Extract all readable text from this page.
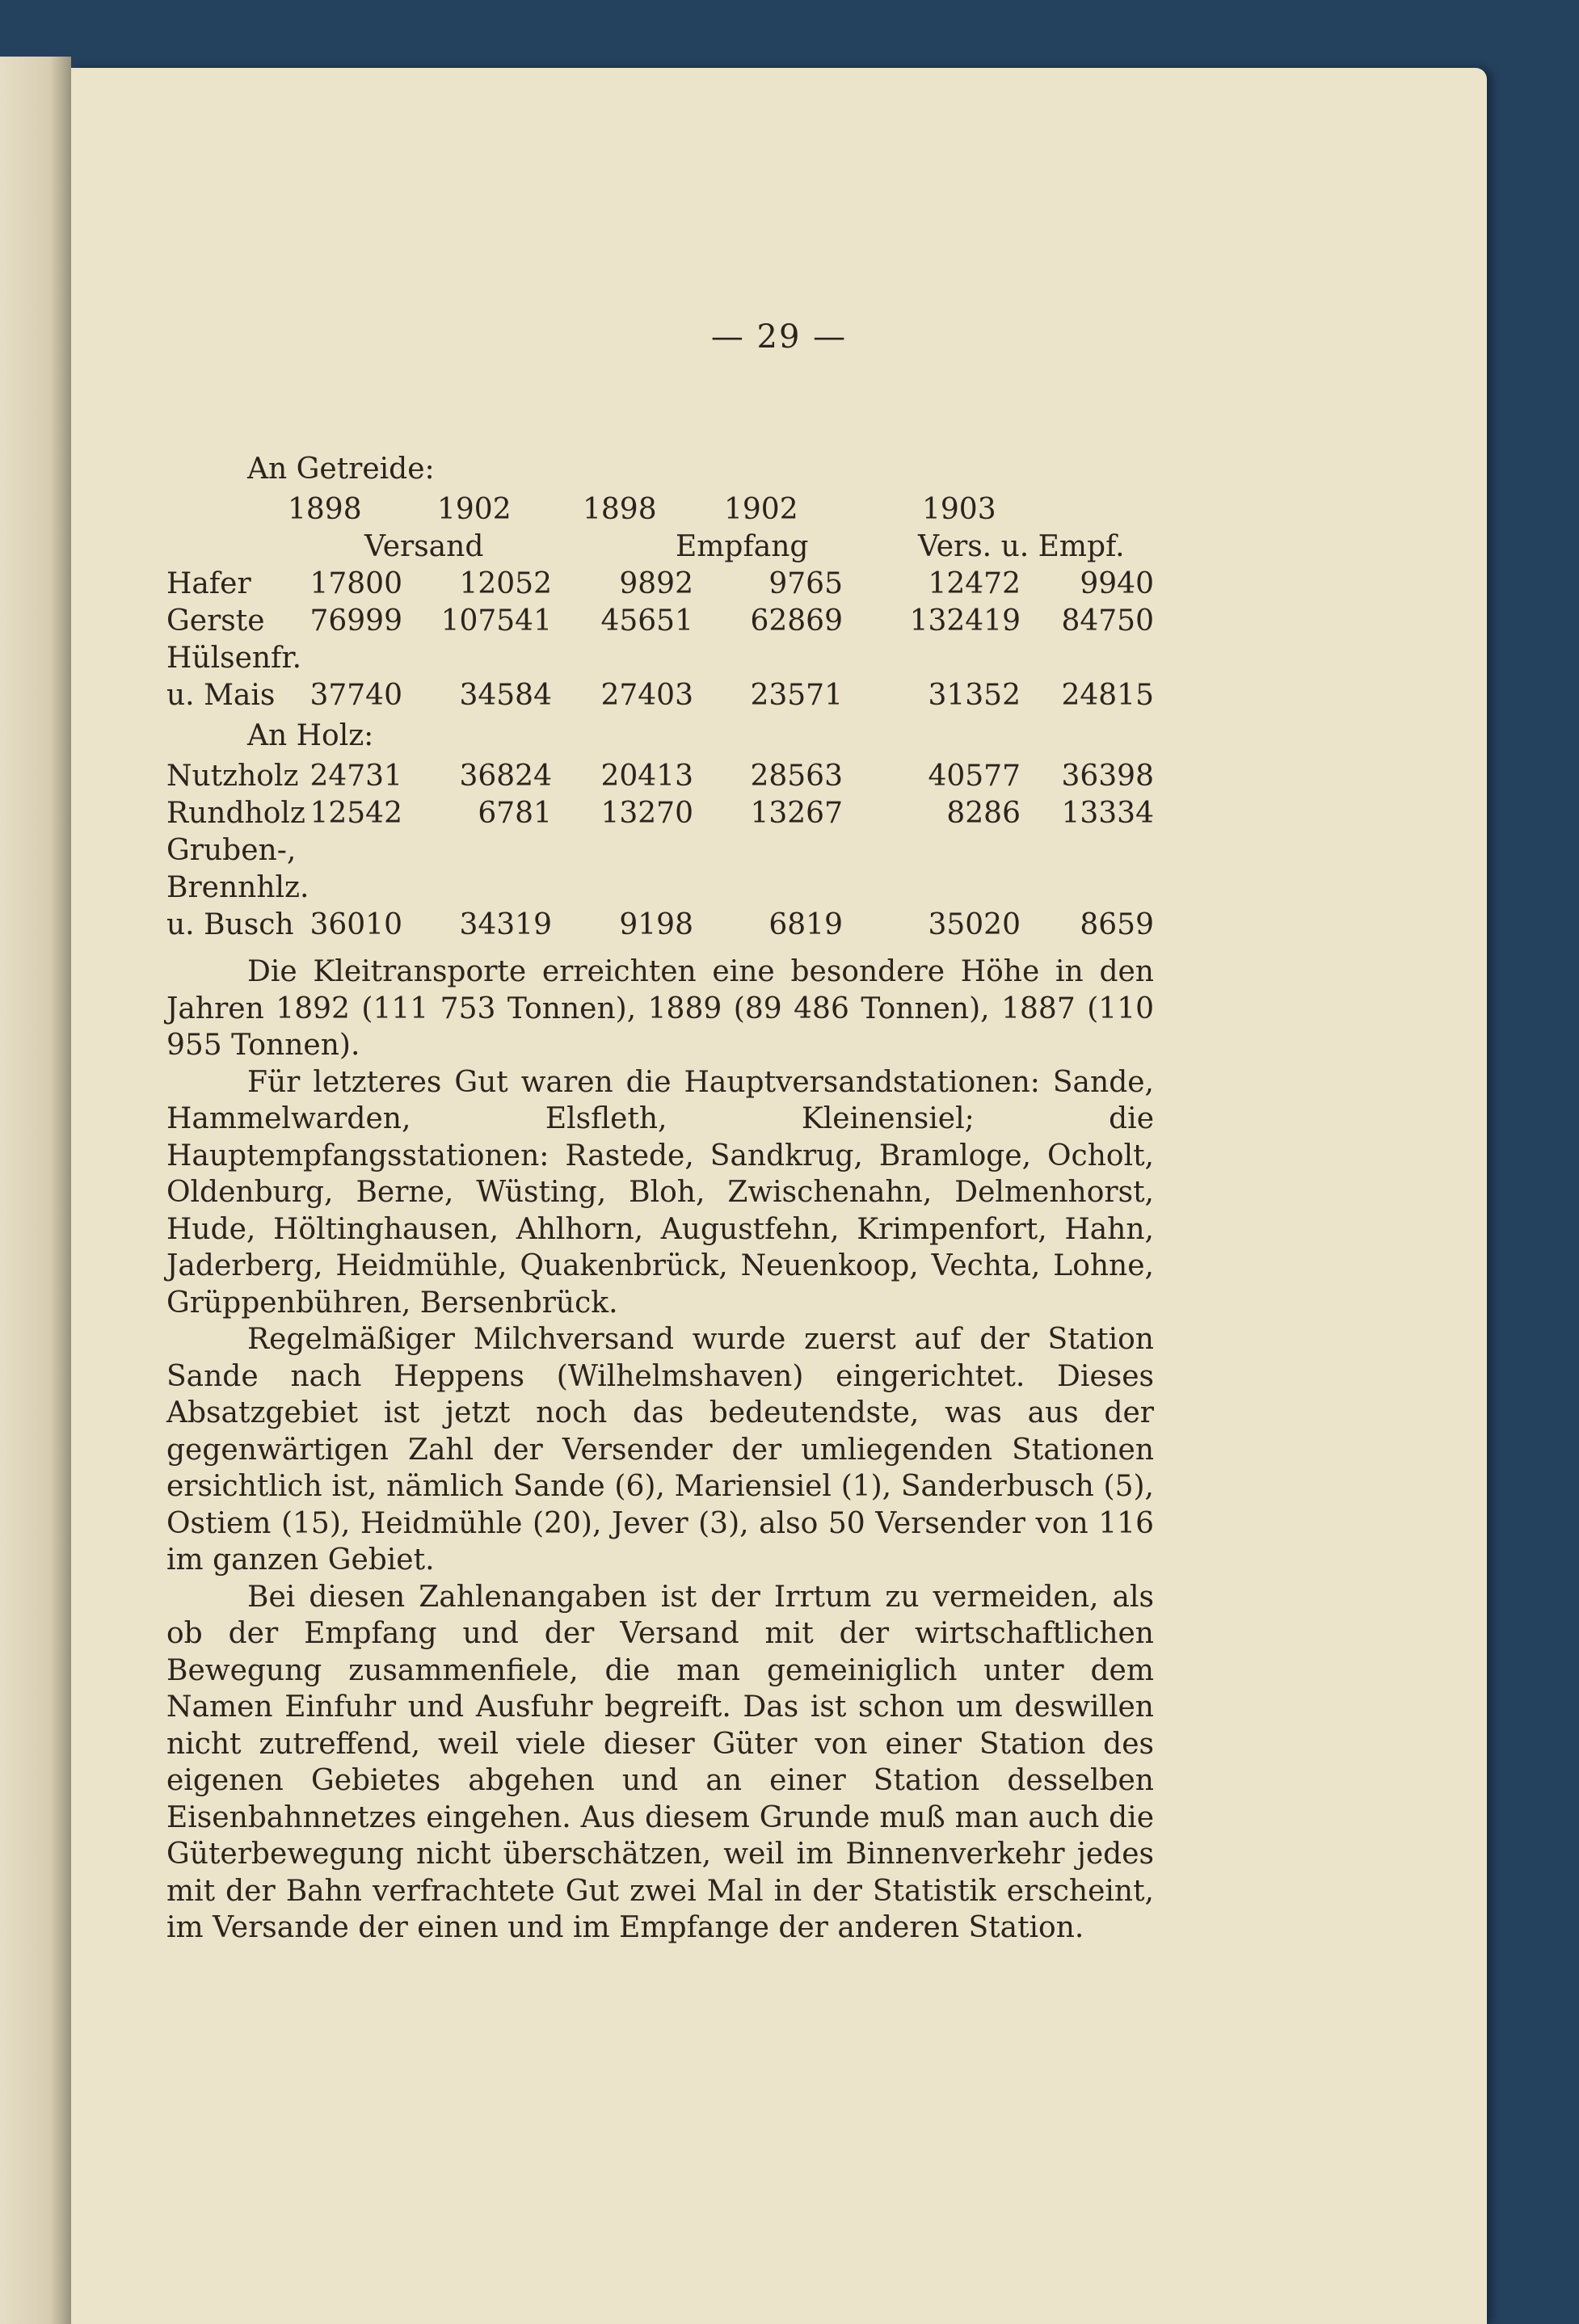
— 29 —
An Getreide:
1898	1902 1898 1902	1903
Versand	Empfang	Vers. u. Empf.
Hafer 17800 12052 9892	9765	12472 9940
Gerste 76999 107541 45651 62869 132419 84750
Hülsenfr.
u. Mais 37740 34584 27403 23571	31352 24815
An Holz:
Nutzholz 24731 36824 20413 28563	40577 36398
Rundholz 12542	6781 13270 13267	8286 13334
Gruben-,
Brennhlz.
u. Busch 36010 34319 9198	6819	35020 8659

Die Kleitransporte erreichten eine besondere Höhe in den Jahren 1892 (111 753 Tonnen), 1889 (89 486 Tonnen), 1887 (110 955 Tonnen).

Für letzteres Gut waren die Hauptversandstationen: Sande, Hammelwarden, Elsfleth, Kleinensiel; die Hauptempfangsstationen: Rastede, Sandkrug, Bramloge, Ocholt, Oldenburg, Berne, Wüsting, Bloh, Zwischenahn, Delmenhorst, Hude, Höltinghausen, Ahlhorn, Augustfehn, Krimpenfort, Hahn, Jaderberg, Heidmühle, Quakenbrück, Neuenkoop, Vechta, Lohne, Grüppenbühren, Bersenbrück.

Regelmäßiger Milchversand wurde zuerst auf der Station Sande nach Heppens (Wilhelmshaven) eingerichtet. Dieses Absatzgebiet ist jetzt noch das bedeutendste, was aus der gegenwärtigen Zahl der Versender der umliegenden Stationen ersichtlich ist, nämlich Sande (6), Mariensiel (1), Sanderbusch (5), Ostiem (15), Heidmühle (20), Jever (3), also 50 Versender von 116 im ganzen Gebiet.

Bei diesen Zahlenangaben ist der Irrtum zu vermeiden, als ob der Empfang und der Versand mit der wirtschaftlichen Bewegung zusammenfiele, die man gemeiniglich unter dem Namen Einfuhr und Ausfuhr begreift. Das ist schon um deswillen nicht zutreffend, weil viele dieser Güter von einer Station des eigenen Gebietes abgehen und an einer Station desselben Eisenbahnnetzes eingehen. Aus diesem Grunde muß man auch die Güterbewegung nicht überschätzen, weil im Binnenverkehr jedes mit der Bahn verfrachtete Gut zwei Mal in der Statistik erscheint, im Versande der einen und im Empfange der anderen Station.
